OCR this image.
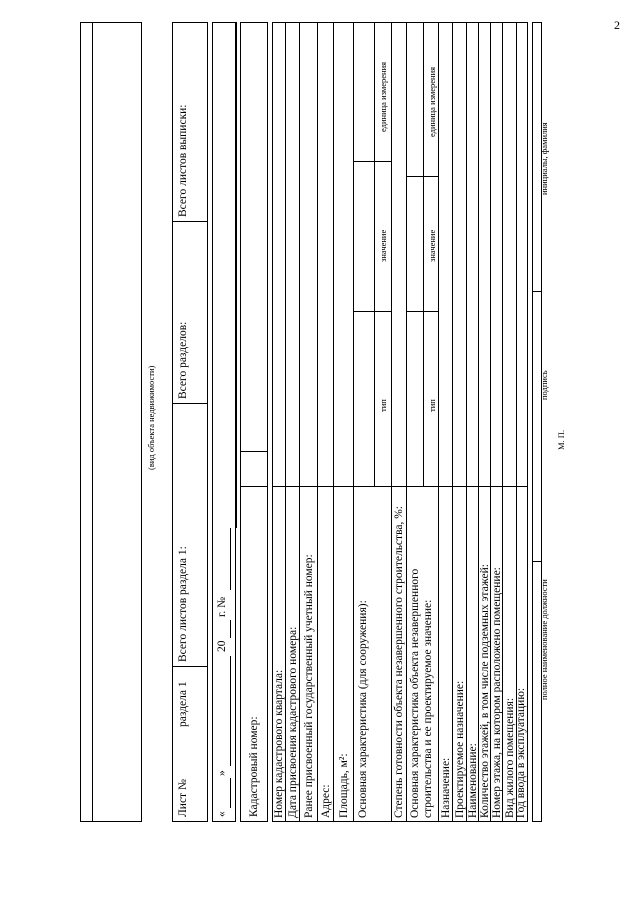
2
(вид объекта недвижимости)
Лист №
раздела 1
Всего листов раздела 1:
Всего разделов:
Всего листов выписки:
«
»
20
г. №
Кадастровый номер: Номер кадастрового квартала: Дата присвоения кадастрового номера: Ранее присвоенный государственный учетный номер: Адрес: Площадь, м²: Основная характеристика (для сооружения): Степень готовности объекта незавершенного строительства, %: Основная характеристика объекта незавершенного строительства и ее проектируемое значение: Назначение: Проектируемое назначение: Наименование: Количество этажей, в том числе подземных этажей: Номер этажа, на котором расположено помещение: Вид жилого помещения: Год ввода в эксплуатацию:
тип
значение
единица измерения
тип
значение
единица измерения
полное наименование должности
подпись
инициалы, фамилия
М. П.
